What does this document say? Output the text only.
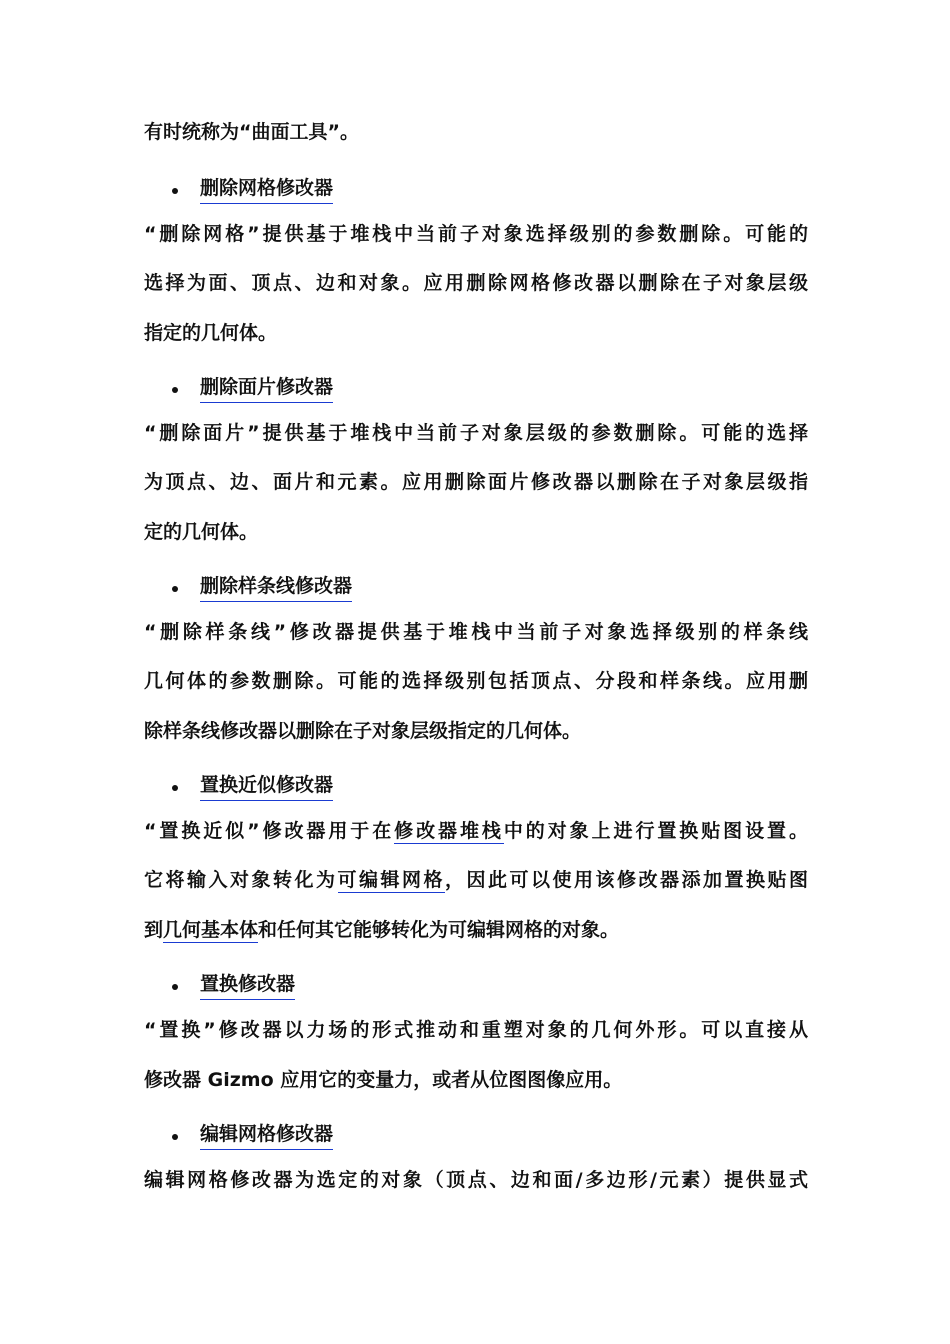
有时统称为“曲面工具”。
删除网格修改器
“删除网格”提供基于堆栈中当前子对象选择级别的参数删除。可能的
选择为面、顶点、边和对象。应用删除网格修改器以删除在子对象层级
指定的几何体。
删除面片修改器
“删除面片”提供基于堆栈中当前子对象层级的参数删除。可能的选择
为顶点、边、面片和元素。应用删除面片修改器以删除在子对象层级指
定的几何体。
删除样条线修改器
“删除样条线”修改器提供基于堆栈中当前子对象选择级别的样条线
几何体的参数删除。可能的选择级别包括顶点、分段和样条线。应用删
除样条线修改器以删除在子对象层级指定的几何体。
置换近似修改器
“置换近似”修改器用于在修改器堆栈中的对象上进行置换贴图设置。
它将输入对象转化为可编辑网格，因此可以使用该修改器添加置换贴图
到几何基本体和任何其它能够转化为可编辑网格的对象。
置换修改器
“置换”修改器以力场的形式推动和重塑对象的几何外形。可以直接从
修改器 Gizmo 应用它的变量力，或者从位图图像应用。
编辑网格修改器
编辑网格修改器为选定的对象（顶点、边和面/多边形/元素）提供显式
